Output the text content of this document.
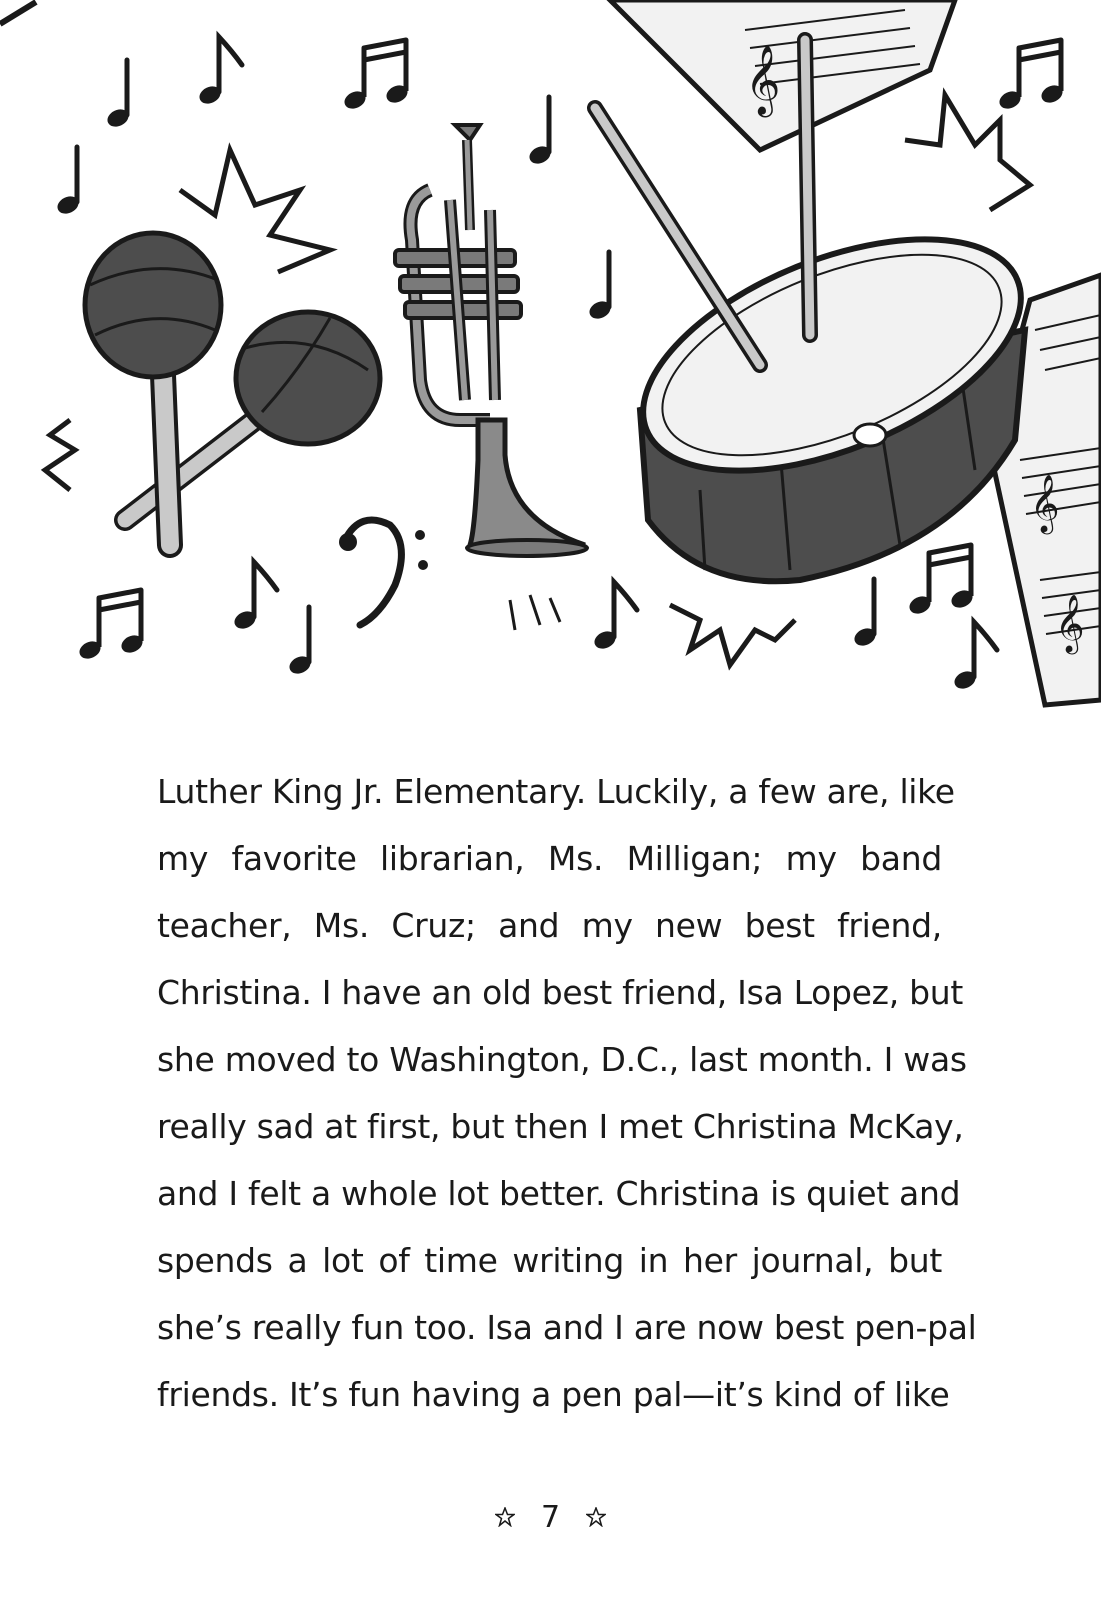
𝄞
𝄞
𝄞
Luther King Jr. Elementary. Luckily, a few are, like
my favorite librarian, Ms. Milligan; my band
teacher, Ms. Cruz; and my new best friend,
Christina. I have an old best friend, Isa Lopez, but
she moved to Washington, D.C., last month. I was
really sad at first, but then I met Christina McKay,
and I felt a whole lot better. Christina is quiet and
spends a lot of time writing in her journal, but
she’s really fun too. Isa and I are now best pen-pal
friends. It’s fun having a pen pal—it’s kind of like
7
